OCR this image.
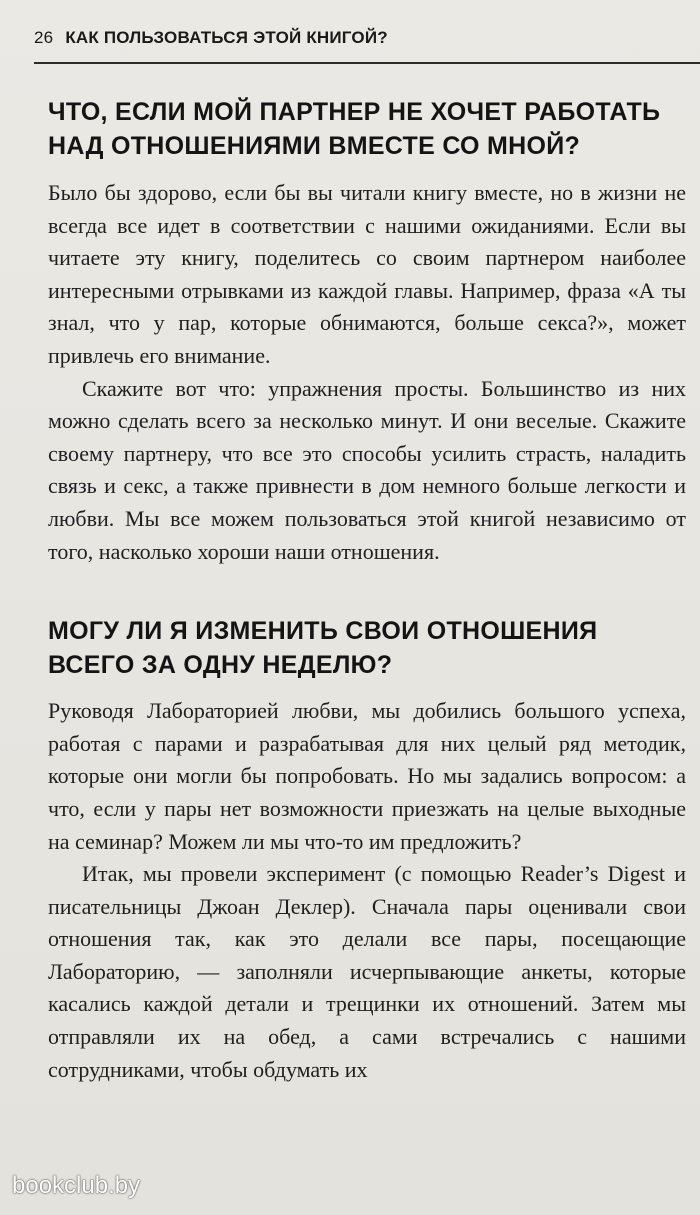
26 КАК ПОЛЬЗОВАТЬСЯ ЭТОЙ КНИГОЙ?
ЧТО, ЕСЛИ МОЙ ПАРТНЕР НЕ ХОЧЕТ РАБОТАТЬ
НАД ОТНОШЕНИЯМИ ВМЕСТЕ СО МНОЙ?

Было бы здорово, если бы вы читали книгу вместе, но в жизни не всегда все идет в соответствии с нашими ожиданиями. Если вы читаете эту книгу, поделитесь со своим партнером наиболее интересными отрывками из каждой главы. Например, фраза «А ты знал, что у пар, которые обнимаются, больше секса?», может привлечь его внимание.

Скажите вот что: упражнения просты. Большинство из них можно сделать всего за несколько минут. И они веселые. Скажите своему партнеру, что все это способы усилить страсть, наладить связь и секс, а также привнести в дом немного больше легкости и любви. Мы все можем пользоваться этой книгой независимо от того, насколько хороши наши отношения.

МОГУ ЛИ Я ИЗМЕНИТЬ СВОИ ОТНОШЕНИЯ
ВСЕГО ЗА ОДНУ НЕДЕЛЮ?

Руководя Лабораторией любви, мы добились большого успеха, работая с парами и разрабатывая для них целый ряд методик, которые они могли бы попробовать. Но мы задались вопросом: а что, если у пары нет возможности приезжать на целые выходные на семинар? Можем ли мы что-то им предложить?

Итак, мы провели эксперимент (с помощью Reader’s Digest и писательницы Джоан Деклер). Сначала пары оценивали свои отношения так, как это делали все пары, посещающие Лабораторию, — заполняли исчерпывающие анкеты, которые касались каждой детали и трещинки их отношений. Затем мы отправляли их на обед, а сами встречались с нашими сотрудниками, чтобы обдумать их

bookclub.by
